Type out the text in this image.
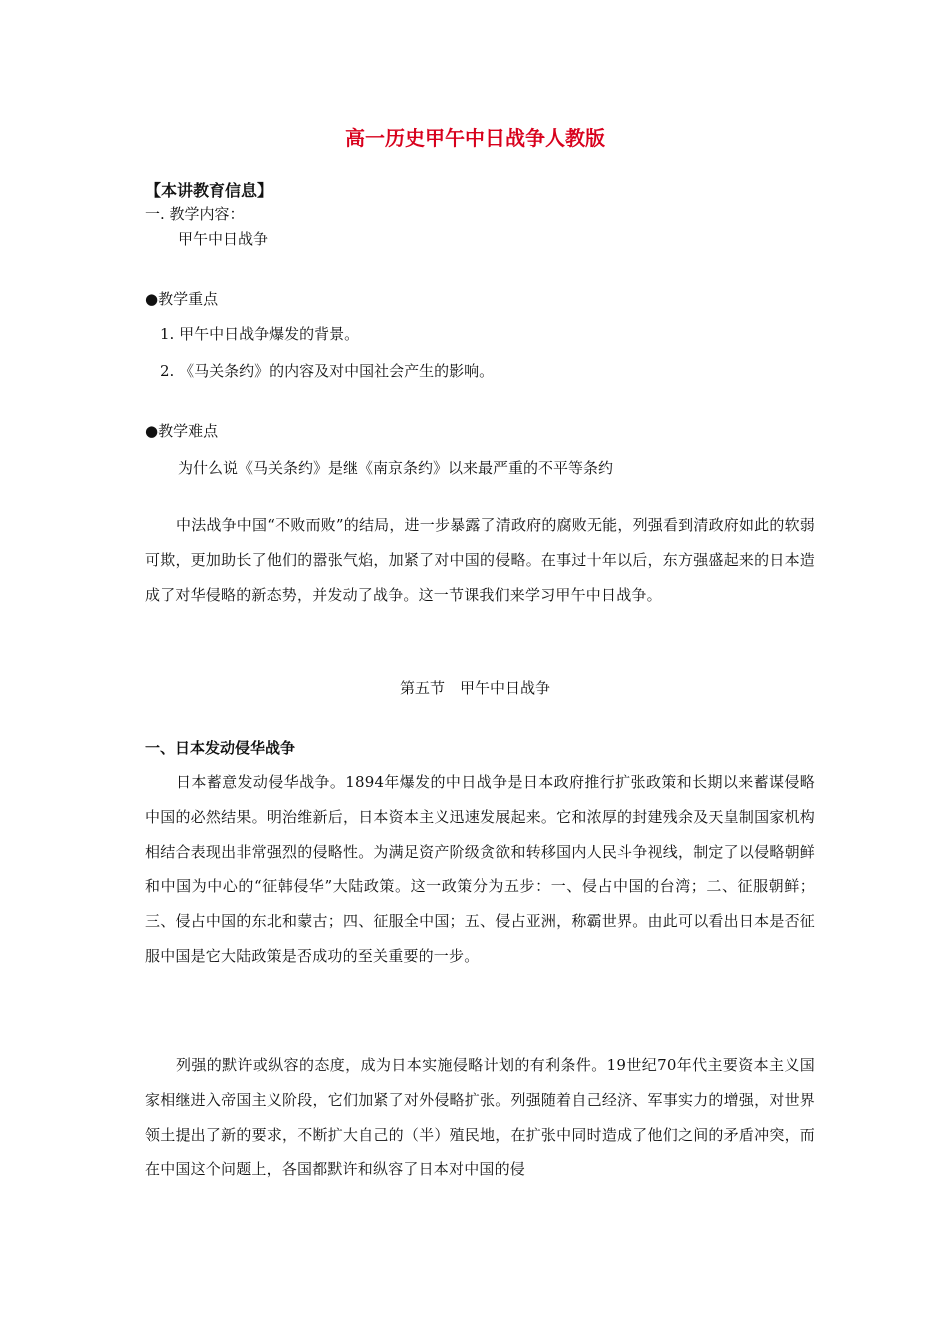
高一历史甲午中日战争人教版
【本讲教育信息】
一. 教学内容：
甲午中日战争
●教学重点
1. 甲午中日战争爆发的背景。
2. 《马关条约》的内容及对中国社会产生的影响。
●教学难点
为什么说《马关条约》是继《南京条约》以来最严重的不平等条约
中法战争中国“不败而败”的结局，进一步暴露了清政府的腐败无能，列强看到清政府如此的软弱可欺，更加助长了他们的嚣张气焰，加紧了对中国的侵略。在事过十年以后，东方强盛起来的日本造成了对华侵略的新态势，并发动了战争。这一节课我们来学习甲午中日战争。
第五节　甲午中日战争
一、日本发动侵华战争
日本蓄意发动侵华战争。1894年爆发的中日战争是日本政府推行扩张政策和长期以来蓄谋侵略中国的必然结果。明治维新后，日本资本主义迅速发展起来。它和浓厚的封建残余及天皇制国家机构相结合表现出非常强烈的侵略性。为满足资产阶级贪欲和转移国内人民斗争视线，制定了以侵略朝鲜和中国为中心的“征韩侵华”大陆政策。这一政策分为五步：一、侵占中国的台湾；二、征服朝鲜；三、侵占中国的东北和蒙古；四、征服全中国；五、侵占亚洲，称霸世界。由此可以看出日本是否征服中国是它大陆政策是否成功的至关重要的一步。
列强的默许或纵容的态度，成为日本实施侵略计划的有利条件。19世纪70年代主要资本主义国家相继进入帝国主义阶段，它们加紧了对外侵略扩张。列强随着自己经济、军事实力的增强，对世界领土提出了新的要求，不断扩大自己的（半）殖民地，在扩张中同时造成了他们之间的矛盾冲突，而在中国这个问题上，各国都默许和纵容了日本对中国的侵
